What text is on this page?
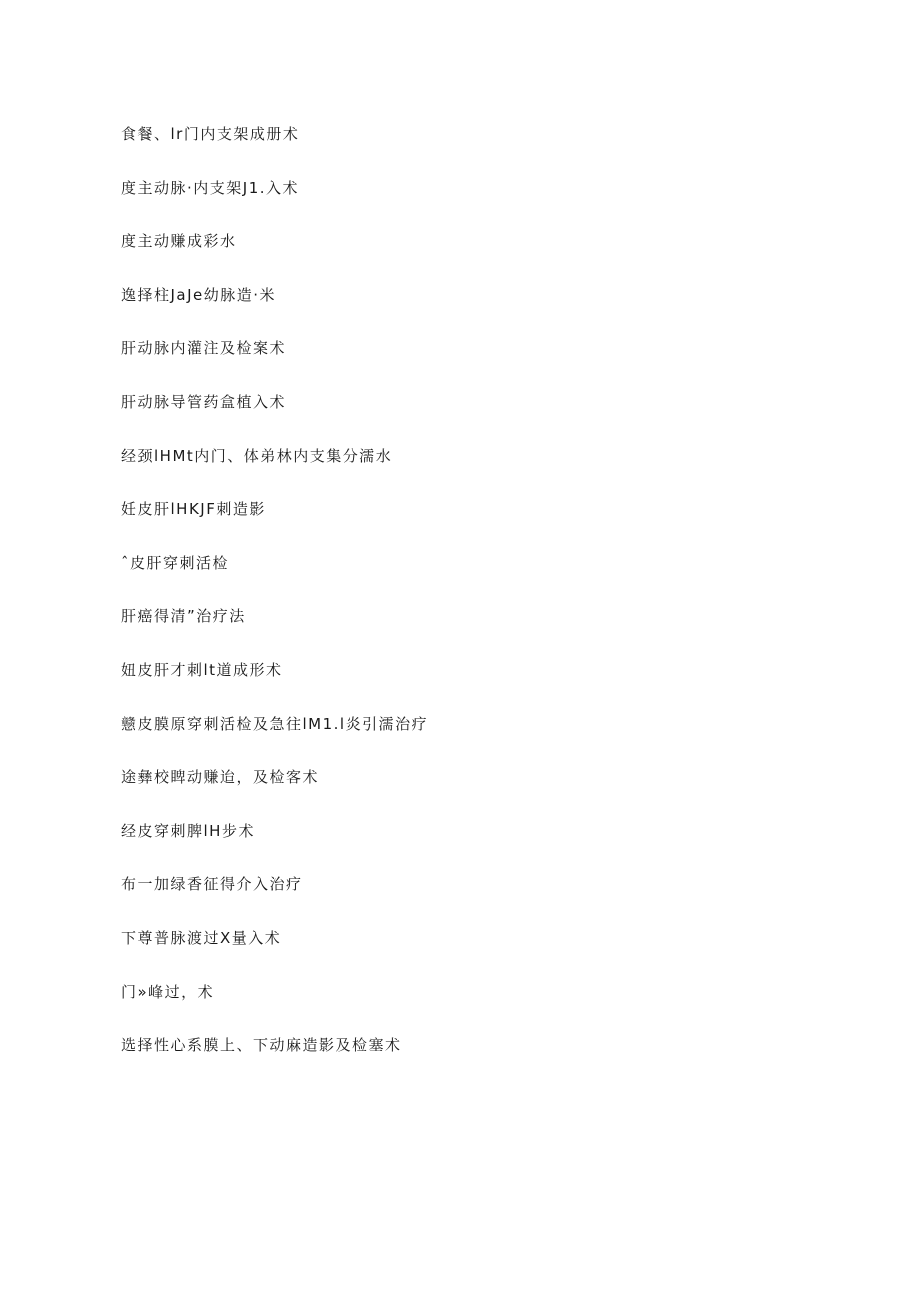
食餐、lr门内支架成册术
度主动脉·内支架J1.入术
度主动赚成彩水
逸择柱JaJe幼脉造·米
肝动脉内灌注及检案术
肝动脉导管药盒植入术
经颈lHMt内门、体弟林内支集分濡水
妊皮肝lHKJF刺造影
ˆ皮肝穿刺活检
肝癌得清”治疗法
妞皮肝才刺lt道成形术
戆皮膜原穿刺活检及急往lM1.l炎引濡治疗
途彝校睥动赚迨，及检客术
经皮穿刺脾lH步术
布一加绿香征得介入治疗
下尊普脉渡过X量入术
门»峰过，术
选择性心系膜上、下动麻造影及检塞术
